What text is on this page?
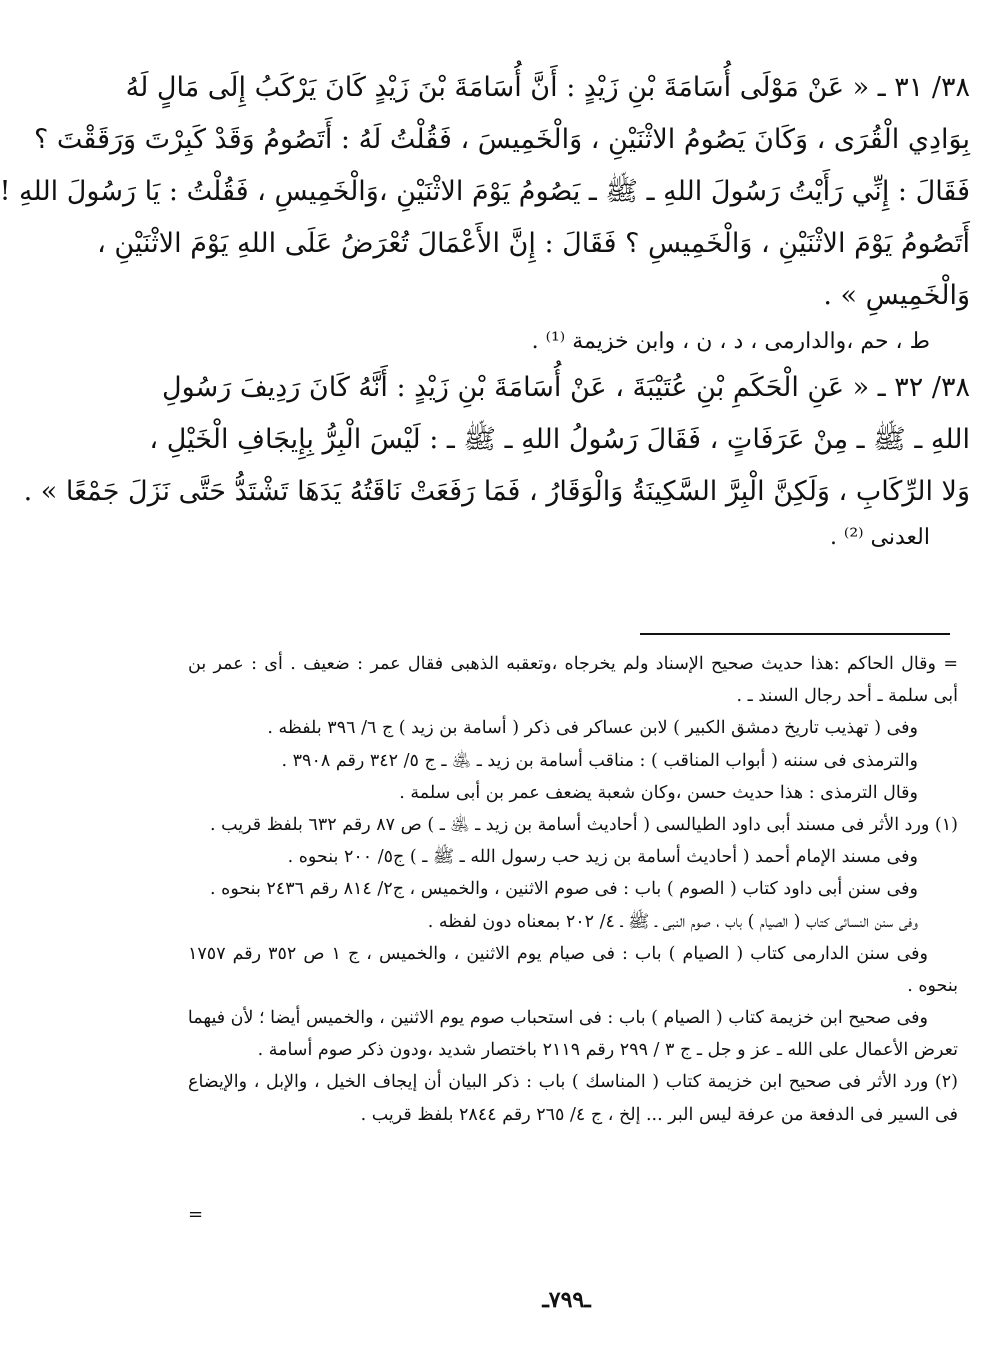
٣٨/ ٣١ ـ « عَنْ مَوْلَى أُسَامَةَ بْنِ زَيْدٍ : أَنَّ أُسَامَةَ بْنَ زَيْدٍ كَانَ يَرْكَبُ إِلَى مَالٍ لَهُ
بِوَادِي الْقُرَى ، وَكَانَ يَصُومُ الاثْنَيْنِ ، وَالْخَمِيسَ ، فَقُلْتُ لَهُ : أَتَصُومُ وَقَدْ كَبِرْتَ وَرَقَقْتَ ؟
فَقَالَ : إِنِّي رَأَيْتُ رَسُولَ اللهِ ـ ﷺ ـ يَصُومُ يَوْمَ الاثْنَيْنِ ،وَالْخَمِيسِ ، فَقُلْتُ : يَا رَسُولَ اللهِ !
أَتَصُومُ يَوْمَ الاثْنَيْنِ ، وَالْخَمِيسِ ؟ فَقَالَ : إِنَّ الأَعْمَالَ تُعْرَضُ عَلَى اللهِ يَوْمَ الاثْنَيْنِ ،
وَالْخَمِيسِ » .
ط ، حم ،والدارمى ، د ، ن ، وابن خزيمة ⁽¹⁾ .
٣٨/ ٣٢ ـ « عَنِ الْحَكَمِ بْنِ عُتَيْبَةَ ، عَنْ أُسَامَةَ بْنِ زَيْدٍ : أَنَّهُ كَانَ رَدِيفَ رَسُولِ
اللهِ ـ ﷺ ـ مِنْ عَرَفَاتٍ ، فَقَالَ رَسُولُ اللهِ ـ ﷺ ـ : لَيْسَ الْبِرُّ بِإِيجَافِ الْخَيْلِ ،
وَلا الرِّكَابِ ، وَلَكِنَّ الْبِرَّ السَّكِينَةُ وَالْوَقَارُ ، فَمَا رَفَعَتْ نَاقَتُهُ يَدَهَا تَشْتَدُّ حَتَّى نَزَلَ جَمْعًا » .
العدنى ⁽²⁾ .
= وقال الحاكم :هذا حديث صحيح الإسناد ولم يخرجاه ،وتعقبه الذهبى فقال عمر : ضعيف . أى : عمر بن
أبى سلمة ـ أحد رجال السند ـ .
وفى ( تهذيب تاريخ دمشق الكبير ) لابن عساكر فى ذكر ( أسامة بن زيد ) ج ٦/ ٣٩٦ بلفظه .
والترمذى فى سننه ( أبواب المناقب ) : مناقب أسامة بن زيد ـ ﵁ ـ ج ٥/ ٣٤٢ رقم ٣٩٠٨ .
وقال الترمذى : هذا حديث حسن ،وكان شعبة يضعف عمر بن أبى سلمة .
(١) ورد الأثر فى مسند أبى داود الطيالسى ( أحاديث أسامة بن زيد ـ ﵁ ـ ) ص ٨٧ رقم ٦٣٢ بلفظ قريب .
وفى مسند الإمام أحمد ( أحاديث أسامة بن زيد حب رسول الله ـ ﷺ ـ ) ج٥/ ٢٠٠ بنحوه .
وفى سنن أبى داود كتاب ( الصوم ) باب : فى صوم الاثنين ، والخميس ، ج٢/ ٨١٤ رقم ٢٤٣٦ بنحوه .
وفى سنن النسائى كتاب ( الصيام ) باب ، صوم النبى ـ ﷺ ـ ٤/ ٢٠٢ بمعناه دون لفظه .
وفى سنن الدارمى كتاب ( الصيام ) باب : فى صيام يوم الاثنين ، والخميس ، ج ١ ص ٣٥٢ رقم ١٧٥٧
بنحوه .
وفى صحيح ابن خزيمة كتاب ( الصيام ) باب : فى استحباب صوم يوم الاثنين ، والخميس أيضا ؛ لأن فيهما
تعرض الأعمال على الله ـ عز و جل ـ ج ٣ / ٢٩٩ رقم ٢١١٩ باختصار شديد ،ودون ذكر صوم أسامة .
(٢) ورد الأثر فى صحيح ابن خزيمة كتاب ( المناسك ) باب : ذكر البيان أن إيجاف الخيل ، والإبل ، والإيضاع
فى السير فى الدفعة من عرفة ليس البر ... إلخ ، ج ٤/ ٢٦٥ رقم ٢٨٤٤ بلفظ قريب .
=
ـ٧٩٩ـ
